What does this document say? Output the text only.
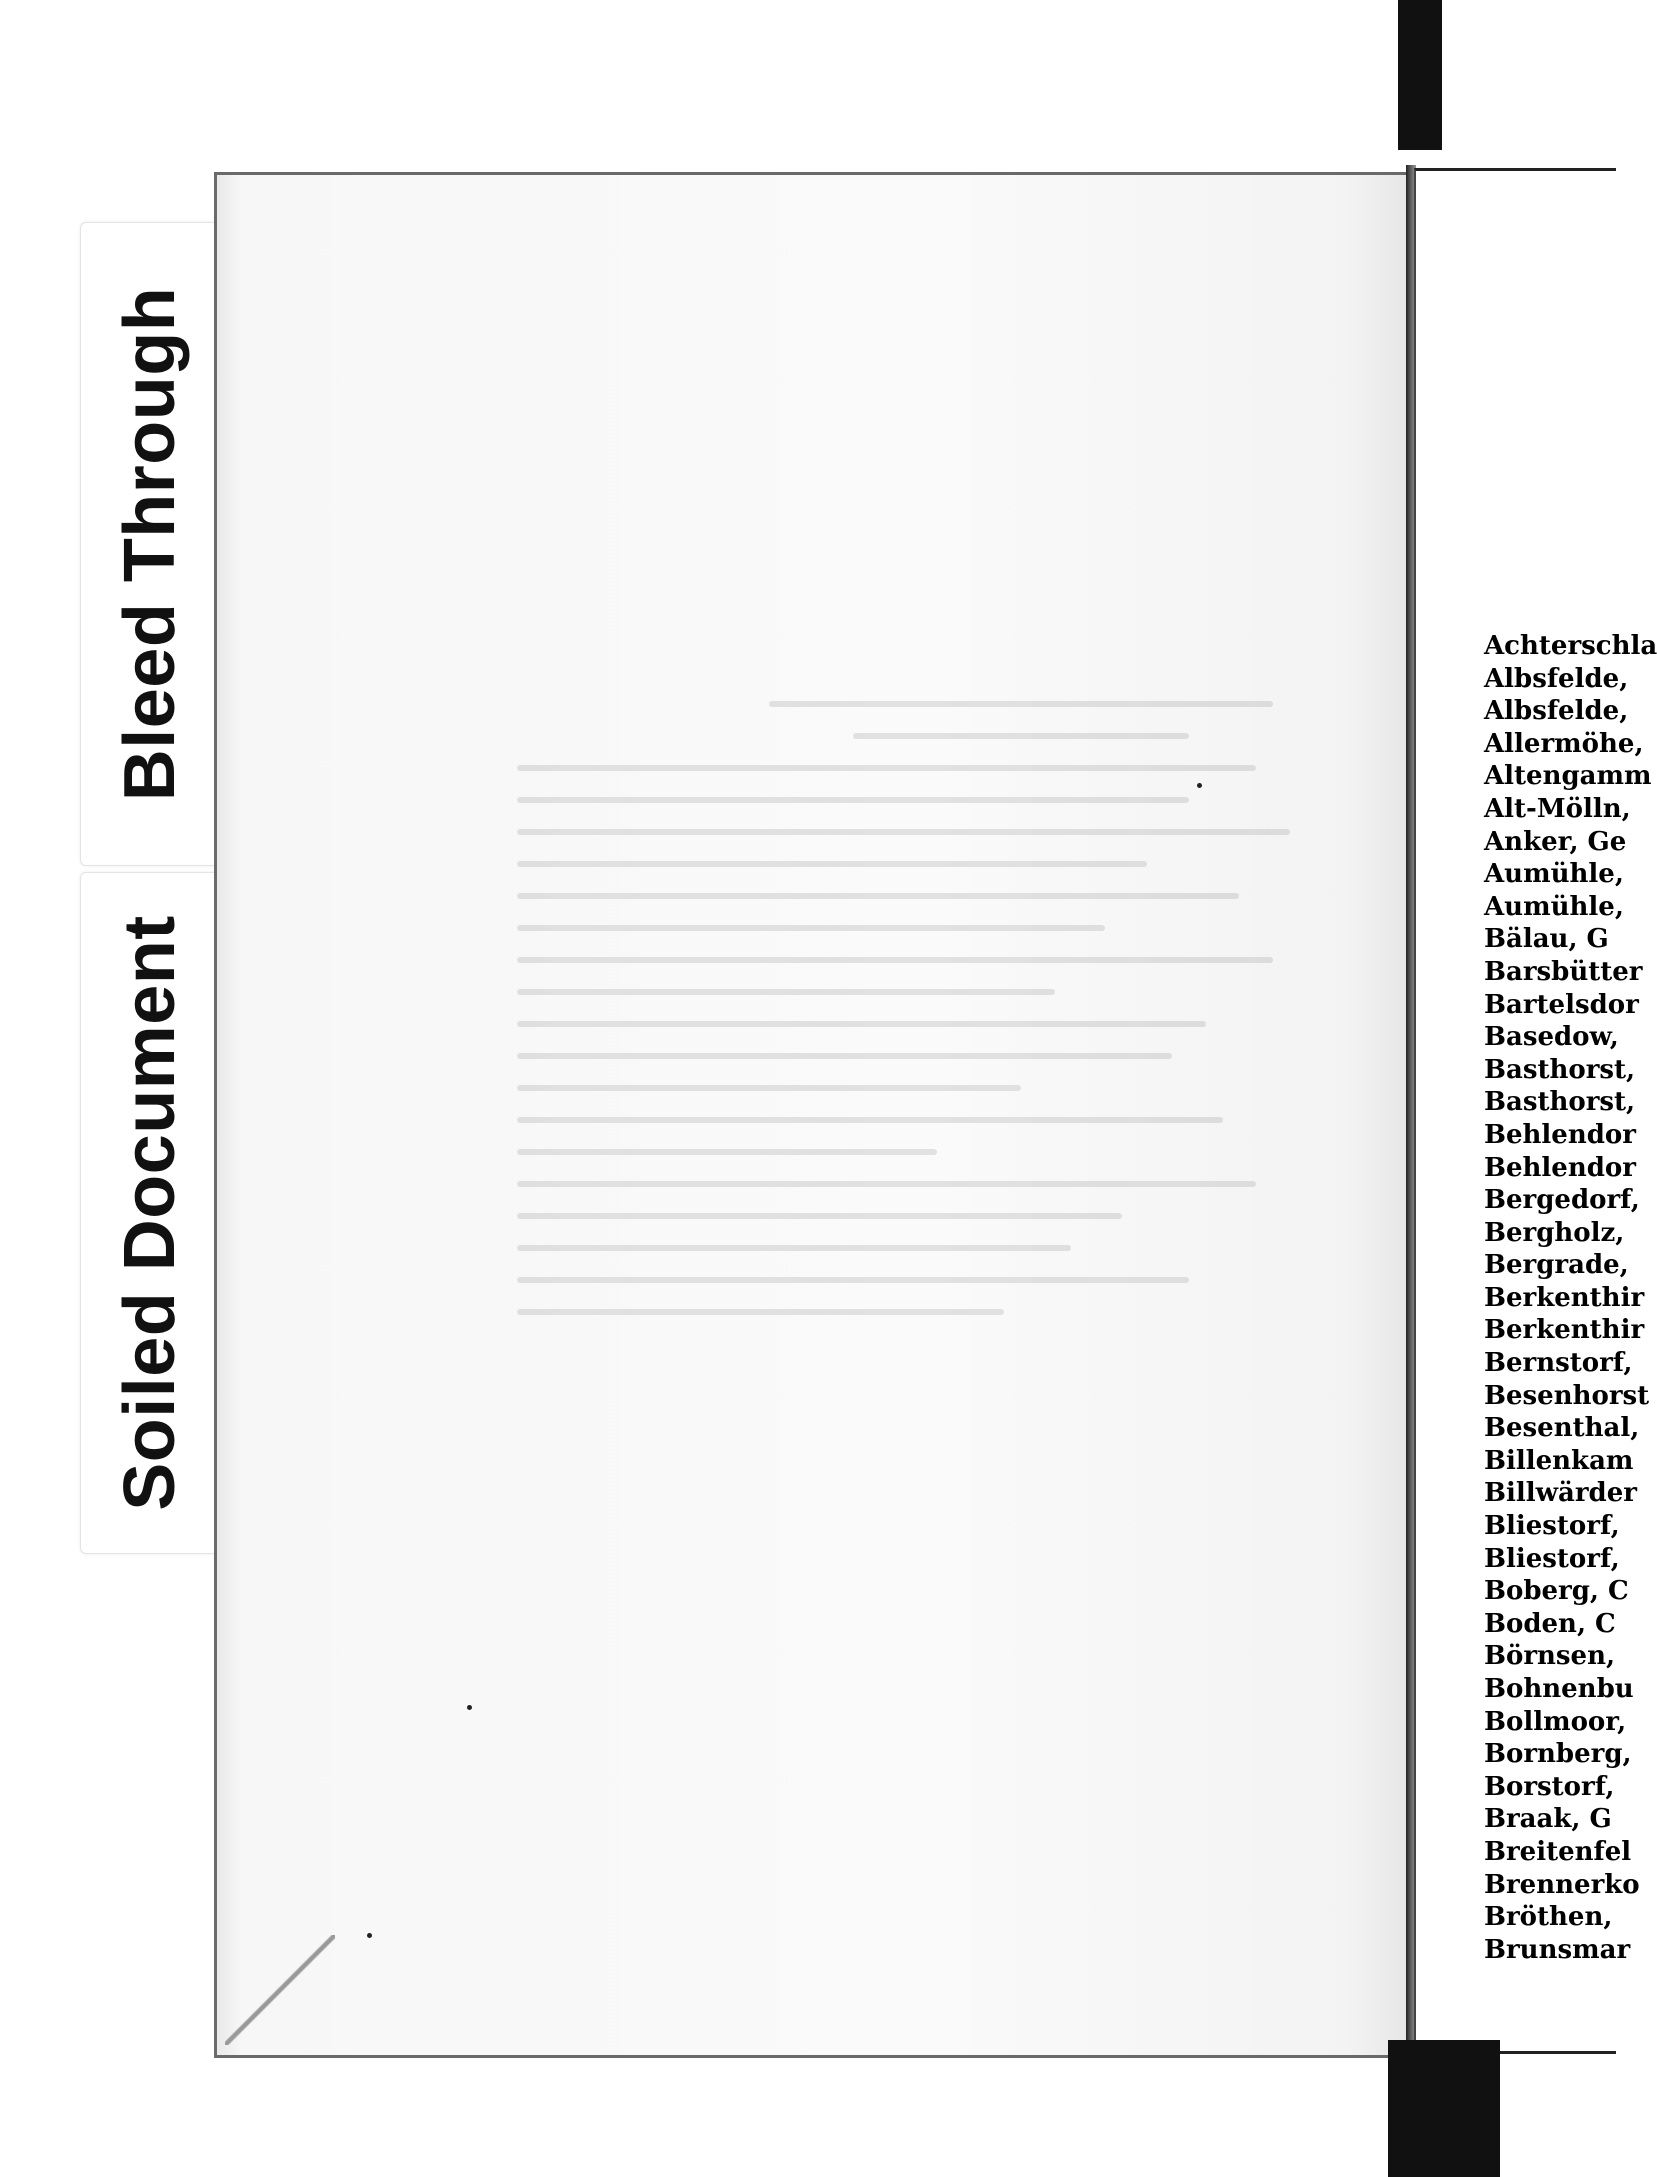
Bleed Through
Soiled Document
Achterschla
Albsfelde,
Albsfelde,
Allermöhe,
Altengamm
Alt-Mölln,
Anker, Ge
Aumühle,
Aumühle,
Bälau, G
Barsbütter
Bartelsdor
Basedow,
Basthorst,
Basthorst,
Behlendor
Behlendor
Bergedorf,
Bergholz,
Bergrade,
Berkenthir
Berkenthir
Bernstorf,
Besenhorst
Besenthal,
Billenkam
Billwärder
Bliestorf,
Bliestorf,
Boberg, C
Boden, C
Börnsen,
Bohnenbu
Bollmoor,
Bornberg,
Borstorf,
Braak, G
Breitenfel
Brennerko
Bröthen,
Brunsmar
